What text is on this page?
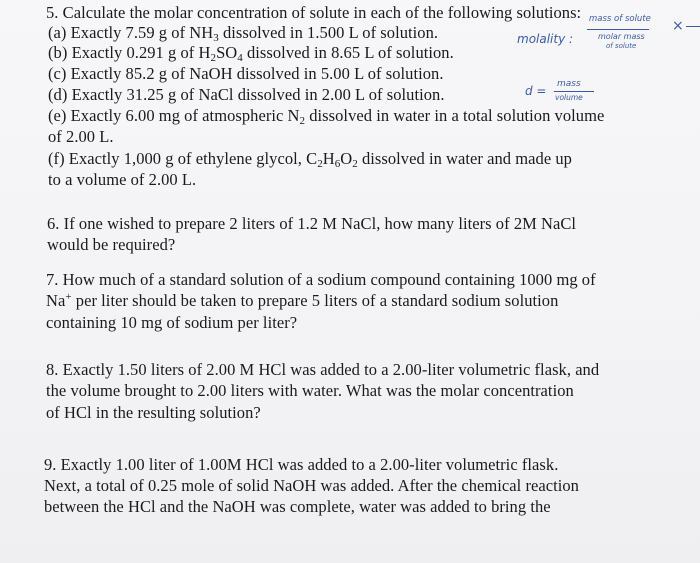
5. Calculate the molar concentration of solute in each of the following solutions:
(a) Exactly 7.59 g of $NH_3$ dissolved in 1.500 L of solution.
(b) Exactly 0.291 g of $H_2SO_4$ dissolved in 8.65 L of solution.
(c) Exactly 85.2 g of NaOH dissolved in 5.00 L of solution.
(d) Exactly 31.25 g of NaCl dissolved in 2.00 L of solution.
(e) Exactly 6.00 mg of atmospheric $N_2$ dissolved in water in a total solution volume
of 2.00 L.
(f) Exactly 1,000 g of ethylene glycol, $C_2H_6O_2$ dissolved in water and made up
to a volume of 2.00 L.
6. If one wished to prepare 2 liters of 1.2 M NaCl, how many liters of 2M NaCl
would be required?
7. How much of a standard solution of a sodium compound containing 1000 mg of
Na+ per liter should be taken to prepare 5 liters of a standard sodium solution
containing 10 mg of sodium per liter?
8. Exactly 1.50 liters of 2.00 M HCl was added to a 2.00-liter volumetric flask, and
the volume brought to 2.00 liters with water. What was the molar concentration
of HCl in the resulting solution?
9. Exactly 1.00 liter of 1.00M HCl was added to a 2.00-liter volumetric flask.
Next, a total of 0.25 mole of solid NaOH was added. After the chemical reaction
between the HCl and the NaOH was complete, water was added to bring the
molality :
mass of solute
molar mass
of solute
×
d = mass
volume
